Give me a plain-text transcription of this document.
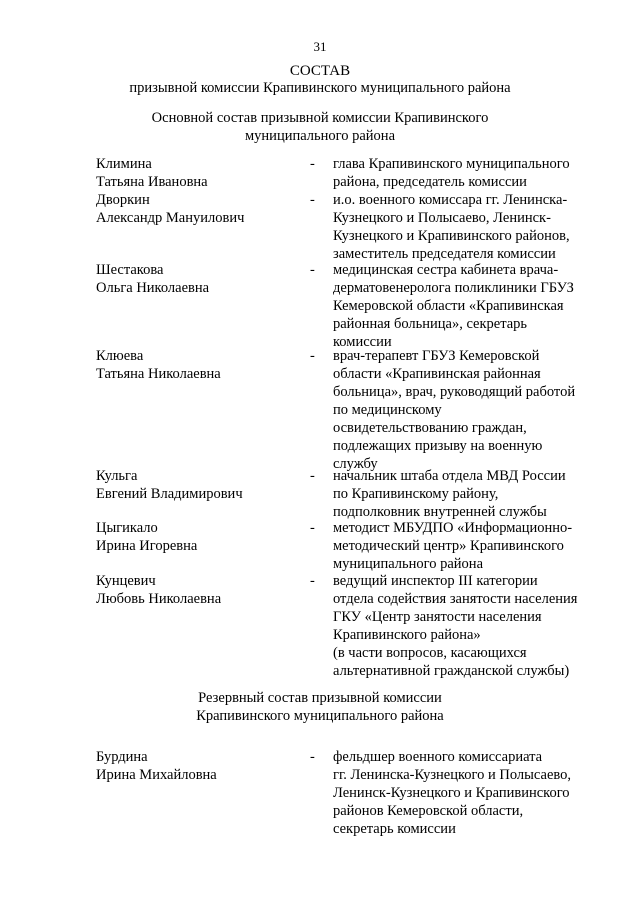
31
СОСТАВ
призывной комиссии Крапивинского муниципального района
Основной состав призывной комиссии Крапивинского
муниципального района
Климина
Татьяна Ивановна
- глава Крапивинского муниципального
района, председатель комиссии
Дворкин
Александр Мануилович
- и.о. военного комиссара гг. Ленинска-
Кузнецкого и Полысаево, Ленинск-
Кузнецкого и Крапивинского районов,
заместитель председателя комиссии
Шестакова
Ольга Николаевна
- медицинская сестра кабинета врача-
дерматовенеролога поликлиники ГБУЗ
Кемеровской области «Крапивинская
районная больница», секретарь
комиссии
Клюева
Татьяна Николаевна
- врач-терапевт ГБУЗ Кемеровской
области «Крапивинская районная
больница», врач, руководящий работой
по медицинскому
освидетельствованию граждан,
подлежащих призыву на военную
службу
Кульга
Евгений Владимирович
- начальник штаба отдела МВД России
по Крапивинскому району,
подполковник внутренней службы
Цыгикало
Ирина Игоревна
- методист МБУДПО «Информационно-
методический центр» Крапивинского
муниципального района
Кунцевич
Любовь Николаевна
- ведущий инспектор III категории
отдела содействия занятости населения
ГКУ «Центр занятости населения
Крапивинского района»
(в части вопросов, касающихся
альтернативной гражданской службы)
Резервный состав призывной комиссии
Крапивинского муниципального района
Бурдина
Ирина Михайловна
- фельдшер военного комиссариата
гг. Ленинска-Кузнецкого и Полысаево,
Ленинск-Кузнецкого и Крапивинского
районов Кемеровской области,
секретарь комиссии
